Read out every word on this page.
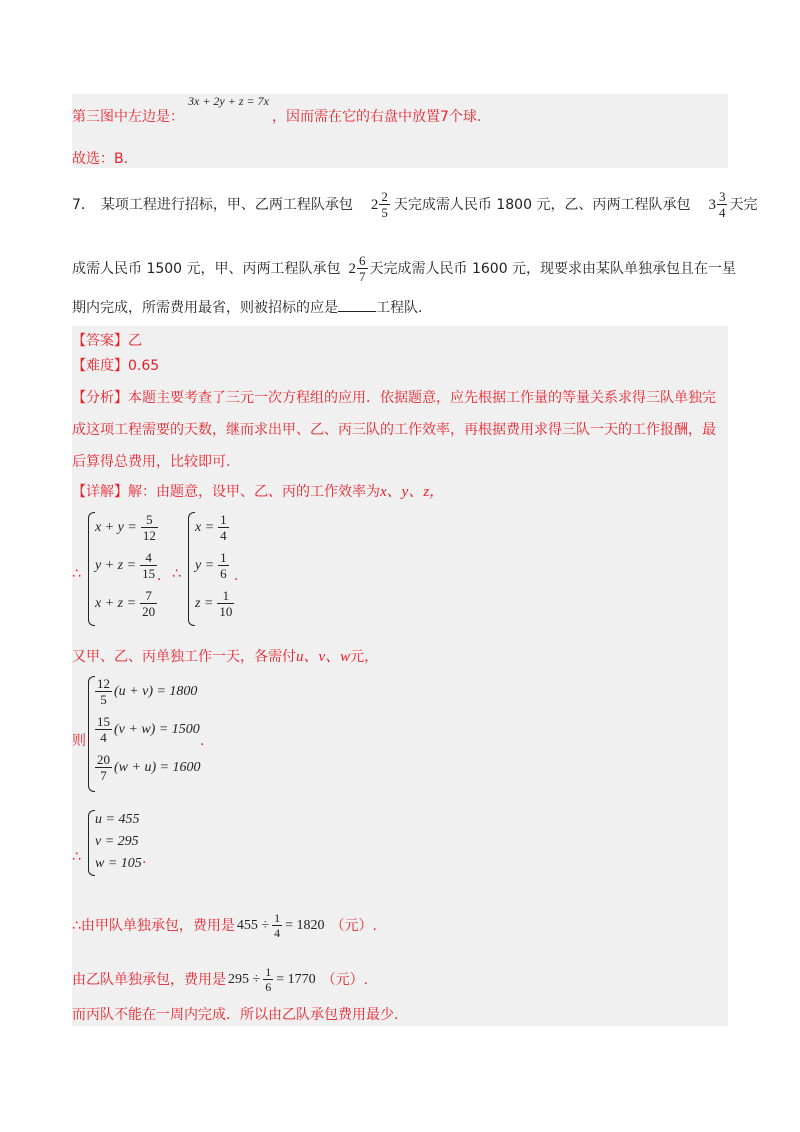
第三图中左边是：
3x + 2y + z = 7x
，因而需在它的右盘中放置7个球.
故选：B.
7． 某项工程进行招标，甲、乙两工程队承包 $2 \frac{2}{5}$ 天完成需人民币 1800 元，乙、丙两工程队承包 $3 \frac{3}{4}$ 天完
成需人民币 1500 元，甲、丙两工程队承包 $2 \frac{6}{7}$ 天完成需人民币 1600 元，现要求由某队单独承包且在一星
期内完成，所需费用最省，则被招标的应是	工程队.
【答案】乙
【难度】0.65
【分析】本题主要考查了三元一次方程组的应用．依据题意，应先根据工作量的等量关系求得三队单独完
成这项工程需要的天数，继而求出甲、乙、丙三队的工作效率，再根据费用求得三队一天的工作报酬，最
后算得总费用，比较即可.
【详解】解：由题意，设甲、乙、丙的工作效率为x、y、z，
∴
$x + y = \frac{5}{12}$
$y + z = \frac{4}{15}$
$x + z = \frac{7}{20}$
． ∴
$x = \frac{1}{4}$
$y = \frac{1}{6}$
$z = \frac{1}{10}$
.
又甲、乙、丙单独工作一天，各需付u、v、w元，
则
$\frac{12}{5} (u + v) = 1800$
$\frac{15}{4} (v + w) = 1500$
$\frac{20}{7} (w + u) = 1600$
.
∴
u = 455
v = 295
w = 105 .
∴由甲队单独承包，费用是 $455 \div \frac{1}{4} = 1820$ （元）.
由乙队单独承包，费用是 $295 \div \frac{1}{6} = 1770$ （元）.
而丙队不能在一周内完成．所以由乙队承包费用最少.
